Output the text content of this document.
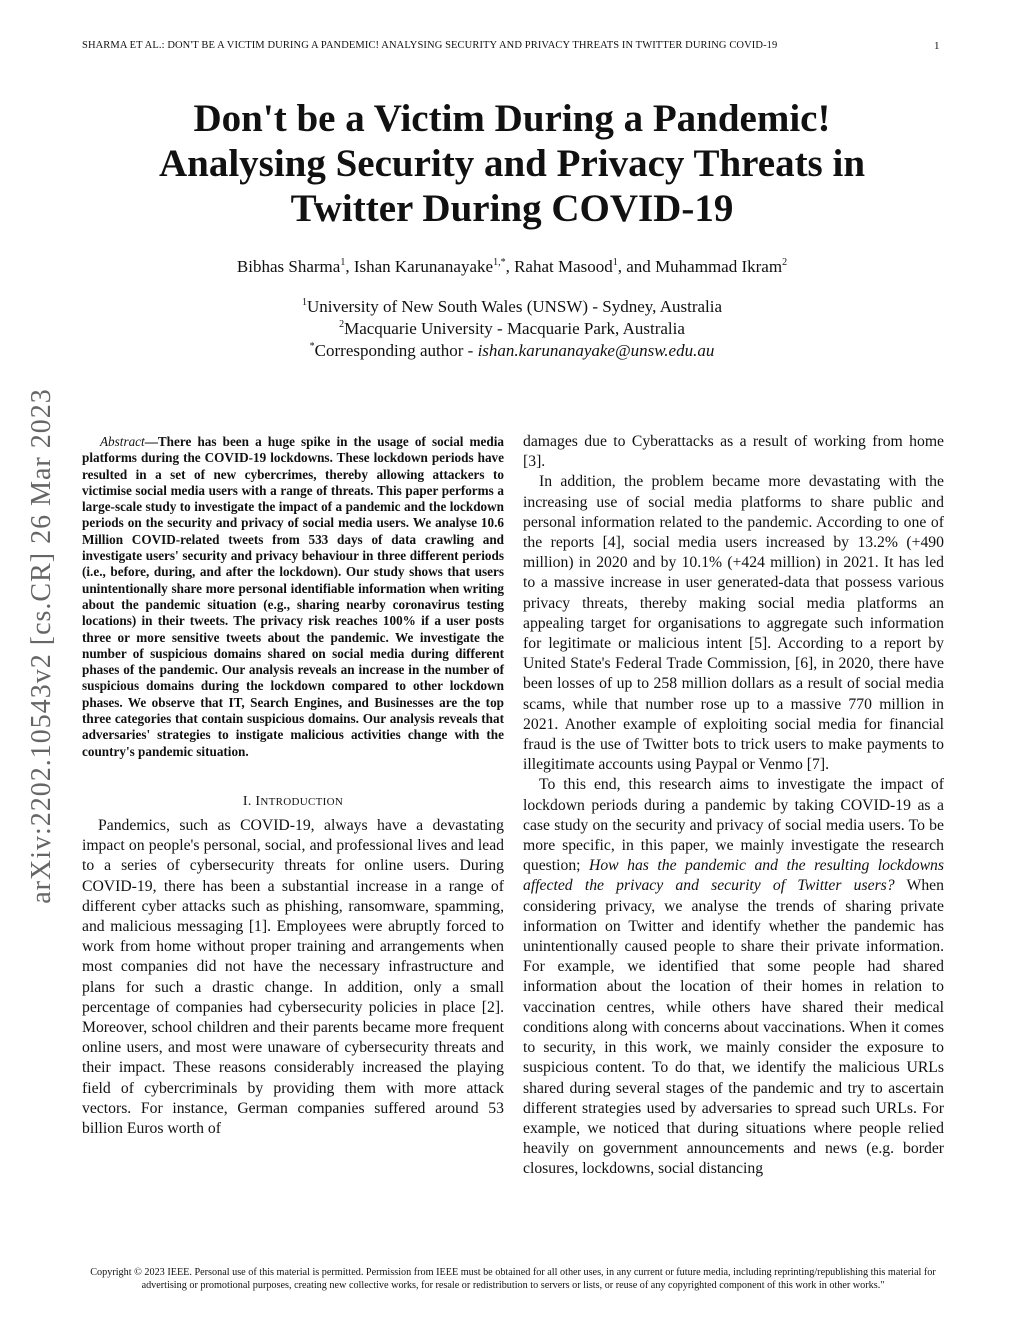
SHARMA ET AL.: DON'T BE A VICTIM DURING A PANDEMIC! ANALYSING SECURITY AND PRIVACY THREATS IN TWITTER DURING COVID-19	1
Don't be a Victim During a Pandemic!
Analysing Security and Privacy Threats in
Twitter During COVID-19
Bibhas Sharma$^1$, Ishan Karunanayake$^{1,*}$, Rahat Masood$^1$, and Muhammad Ikram$^2$
$^1$University of New South Wales (UNSW) - Sydney, Australia
$^2$Macquarie University - Macquarie Park, Australia
*Corresponding author - ishan.karunanayake@unsw.edu.au
arXiv:2202.10543v2 [cs.CR] 26 Mar 2023	Abstract—There has been a huge spike in the usage of social media platforms during the COVID-19 lockdowns. These lockdown periods have resulted in a set of new cybercrimes, thereby allowing attackers to victimise social media users with a range of threats. This paper performs a large-scale study to investigate the impact of a pandemic and the lockdown periods on the security and privacy of social media users. We analyse 10.6 Million COVID-related tweets from 533 days of data crawling and investigate users' security and privacy behaviour in three different periods (i.e., before, during, and after the lockdown). Our study shows that users unintentionally share more personal identifiable information when writing about the pandemic situation (e.g., sharing nearby coronavirus testing locations) in their tweets. The privacy risk reaches 100% if a user posts three or more sensitive tweets about the pandemic. We investigate the number of suspicious domains shared on social media during different phases of the pandemic. Our analysis reveals an increase in the number of suspicious domains during the lockdown compared to other lockdown phases. We observe that IT, Search Engines, and Businesses are the top three categories that contain suspicious domains. Our analysis reveals that adversaries' strategies to instigate malicious activities change with the country's pandemic situation.

I. INTRODUCTION

Pandemics, such as COVID-19, always have a devastating impact on people's personal, social, and professional lives and lead to a series of cybersecurity threats for online users. During COVID-19, there has been a substantial increase in a range of different cyber attacks such as phishing, ransomware, spamming, and malicious messaging [1]. Employees were abruptly forced to work from home without proper training and arrangements when most companies did not have the necessary infrastructure and plans for such a drastic change. In addition, only a small percentage of companies had cybersecurity policies in place [2]. Moreover, school children and their parents became more frequent online users, and most were unaware of cybersecurity threats and their impact. These reasons considerably increased the playing field of cybercriminals by providing them with more attack vectors. For instance, German companies suffered around 53 billion Euros worth of

damages due to Cyberattacks as a result of working from home [3].

In addition, the problem became more devastating with the increasing use of social media platforms to share public and personal information related to the pandemic. According to one of the reports [4], social media users increased by 13.2% (+490 million) in 2020 and by 10.1% (+424 million) in 2021. It has led to a massive increase in user generated-data that possess various privacy threats, thereby making social media platforms an appealing target for organisations to aggregate such information for legitimate or malicious intent [5]. According to a report by United State's Federal Trade Commission, [6], in 2020, there have been losses of up to 258 million dollars as a result of social media scams, while that number rose up to a massive 770 million in 2021. Another example of exploiting social media for financial fraud is the use of Twitter bots to trick users to make payments to illegitimate accounts using Paypal or Venmo [7].

To this end, this research aims to investigate the impact of lockdown periods during a pandemic by taking COVID-19 as a case study on the security and privacy of social media users. To be more specific, in this paper, we mainly investigate the research question; How has the pandemic and the resulting lockdowns affected the privacy and security of Twitter users? When considering privacy, we analyse the trends of sharing private information on Twitter and identify whether the pandemic has unintentionally caused people to share their private information. For example, we identified that some people had shared information about the location of their homes in relation to vaccination centres, while others have shared their medical conditions along with concerns about vaccinations. When it comes to security, in this work, we mainly consider the exposure to suspicious content. To do that, we identify the malicious URLs shared during several stages of the pandemic and try to ascertain different strategies used by adversaries to spread such URLs. For example, we noticed that during situations where people relied heavily on government announcements and news (e.g. border closures, lockdowns, social distancing

Copyright © 2023 IEEE. Personal use of this material is permitted. Permission from IEEE must be obtained for all other uses, in any current or future media, including reprinting/republishing this material for advertising or promotional purposes, creating new collective works, for resale or redistribution to servers or lists, or reuse of any copyrighted component of this work in other works."
